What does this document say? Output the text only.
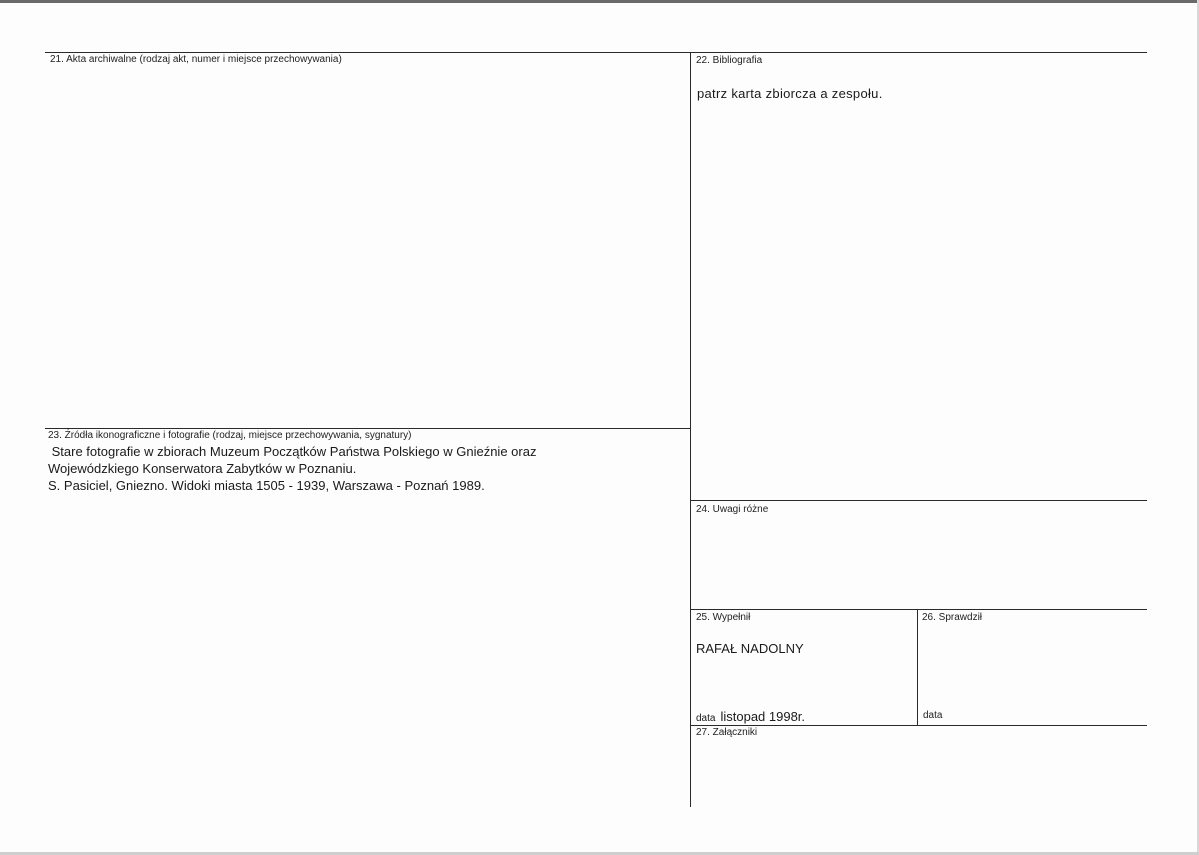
21. Akta archiwalne (rodzaj akt, numer i miejsce przechowywania)	22. Bibliografia
patrz karta zbiorcza a zespołu.
23. Źródła ikonograficzne i fotografie (rodzaj, miejsce przechowywania, sygnatury)
Stare fotografie w zbiorach Muzeum Początków Państwa Polskiego w Gnieźnie oraz
Wojewódzkiego Konserwatora Zabytków w Poznaniu.
S. Pasiciel, Gniezno. Widoki miasta 1505 - 1939, Warszawa - Poznań 1989.
24. Uwagi różne
25. Wypełnił
RAFAŁ NADOLNY
data listopad 1998r.
26. Sprawdził
data
27. Załączniki
